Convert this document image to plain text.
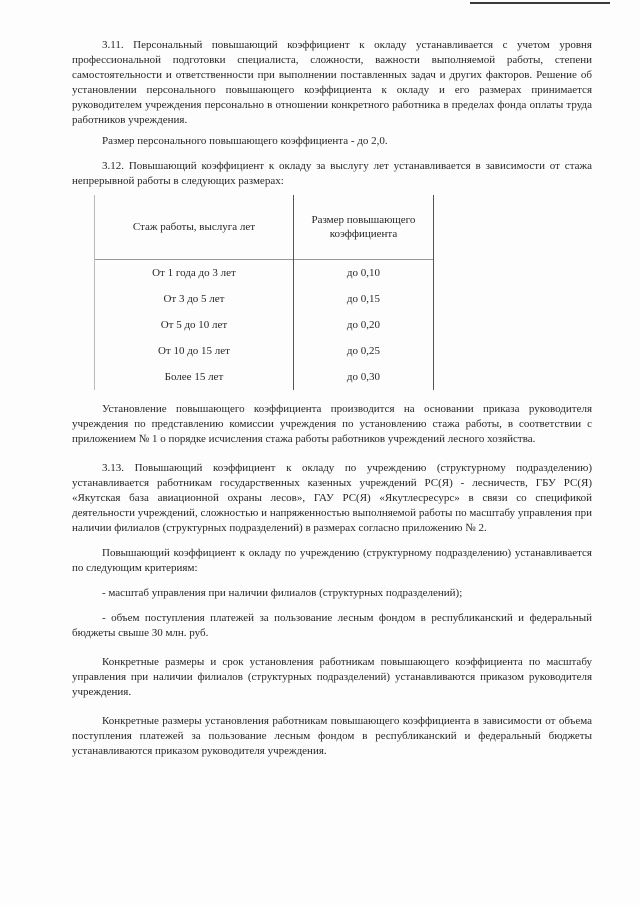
3.11. Персональный повышающий коэффициент к окладу устанавливается с учетом уровня профессиональной подготовки специалиста, сложности, важности выполняемой работы, степени самостоятельности и ответственности при выполнении поставленных задач и других факторов. Решение об установлении персонального повышающего коэффициента к окладу и его размерах принимается руководителем учреждения персонально в отношении конкретного работника в пределах фонда оплаты труда работников учреждения.

Размер персонального повышающего коэффициента - до 2,0.

3.12. Повышающий коэффициент к окладу за выслугу лет устанавливается в зависимости от стажа непрерывной работы в следующих размерах:

Стаж работы, выслуга лет	Размер повышающего коэффициента
От 1 года до 3 лет	до 0,10
От 3 до 5 лет	до 0,15
От 5 до 10 лет	до 0,20
От 10 до 15 лет	до 0,25
Более 15 лет	до 0,30

Установление повышающего коэффициента производится на основании приказа руководителя учреждения по представлению комиссии учреждения по установлению стажа работы, в соответствии с приложением № 1 о порядке исчисления стажа работы работников учреждений лесного хозяйства.

3.13. Повышающий коэффициент к окладу по учреждению (структурному подразделению) устанавливается работникам государственных казенных учреждений РС(Я) - лесничеств, ГБУ РС(Я) «Якутская база авиационной охраны лесов», ГАУ РС(Я) «Якутлесресурс» в связи со спецификой деятельности учреждений, сложностью и напряженностью выполняемой работы по масштабу управления при наличии филиалов (структурных подразделений) в размерах согласно приложению № 2.

Повышающий коэффициент к окладу по учреждению (структурному подразделению) устанавливается по следующим критериям:

- масштаб управления при наличии филиалов (структурных подразделений);

- объем поступления платежей за пользование лесным фондом в республиканский и федеральный бюджеты свыше 30 млн. руб.

Конкретные размеры и срок установления работникам повышающего коэффициента по масштабу управления при наличии филиалов (структурных подразделений) устанавливаются приказом руководителя учреждения.

Конкретные размеры установления работникам повышающего коэффициента в зависимости от объема поступления платежей за пользование лесным фондом в республиканский и федеральный бюджеты устанавливаются приказом руководителя учреждения.
